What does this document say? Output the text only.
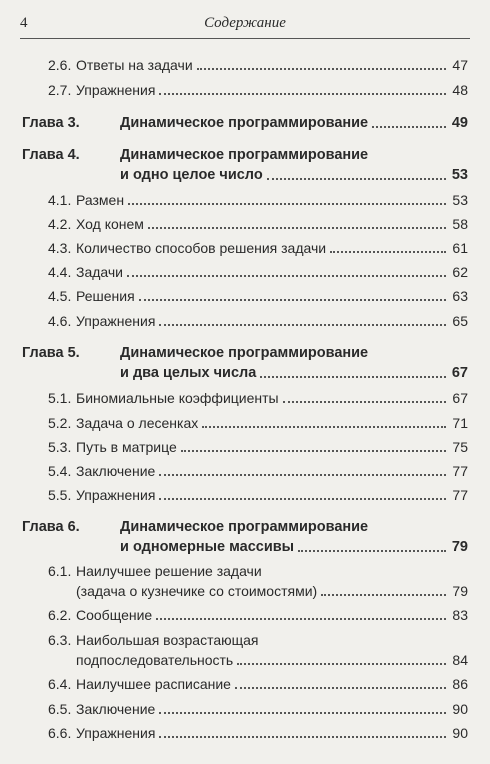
4	Содержание
2.6. Ответы на задачи	47
2.7. Упражнения	48
Глава 3.	Динамическое программирование	49
Глава 4.	Динамическое программирование
и одно целое число	53
4.1. Размен	53
4.2. Ход конем	58
4.3. Количество способов решения задачи	61
4.4. Задачи	62
4.5. Решения	63
4.6. Упражнения	65
Глава 5.	Динамическое программирование
и два целых числа	67
5.1. Биномиальные коэффициенты	67
5.2. Задача о лесенках	71
5.3. Путь в матрице	75
5.4. Заключение	77
5.5. Упражнения	77
Глава 6.	Динамическое программирование
и одномерные массивы	79
6.1. Наилучшее решение задачи
(задача о кузнечике со стоимостями)	79
6.2. Сообщение	83
6.3. Наибольшая возрастающая
подпоследовательность	84
6.4. Наилучшее расписание	86
6.5. Заключение	90
6.6. Упражнения	90
